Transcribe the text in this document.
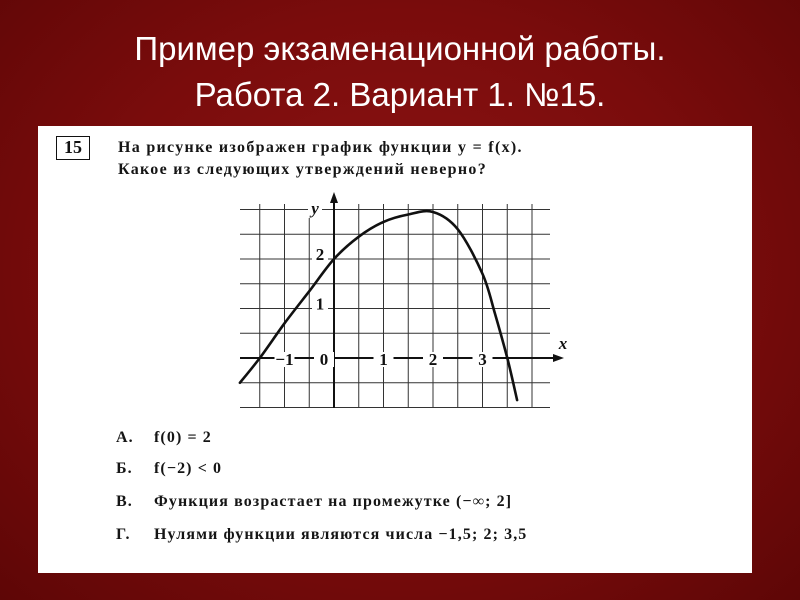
Пример экзаменационной работы.
Работа 2. Вариант 1. №15.
15	На рисунке изображен график функции y = f(x).
Какое из следующих утверждений неверно?
−1 0	1 2 3
2
1
x
y
А. f(0) = 2
Б. f(−2) < 0
В. Функция возрастает на промежутке (−∞; 2]
Г. Нулями функции являются числа −1,5; 2; 3,5
